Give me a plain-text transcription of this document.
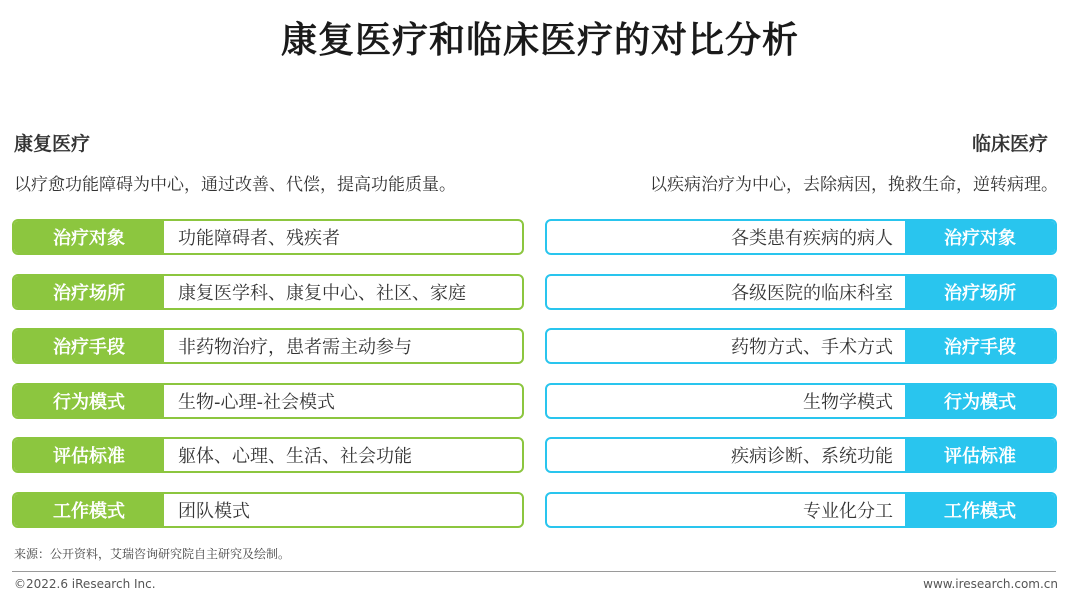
康复医疗和临床医疗的对比分析
康复医疗	临床医疗
以疗愈功能障碍为中心，通过改善、代偿，提高功能质量。	以疾病治疗为中心，去除病因，挽救生命，逆转病理。
治疗对象	功能障碍者、残疾者
治疗场所	康复医学科、康复中心、社区、家庭
治疗手段	非药物治疗，患者需主动参与
行为模式	生物-心理-社会模式
评估标准	躯体、心理、生活、社会功能
工作模式	团队模式
各类患有疾病的病人	治疗对象
各级医院的临床科室	治疗场所
药物方式、手术方式	治疗手段
生物学模式	行为模式
疾病诊断、系统功能	评估标准
专业化分工	工作模式
来源：公开资料，艾瑞咨询研究院自主研究及绘制。
©2022.6 iResearch Inc.	www.iresearch.com.cn
